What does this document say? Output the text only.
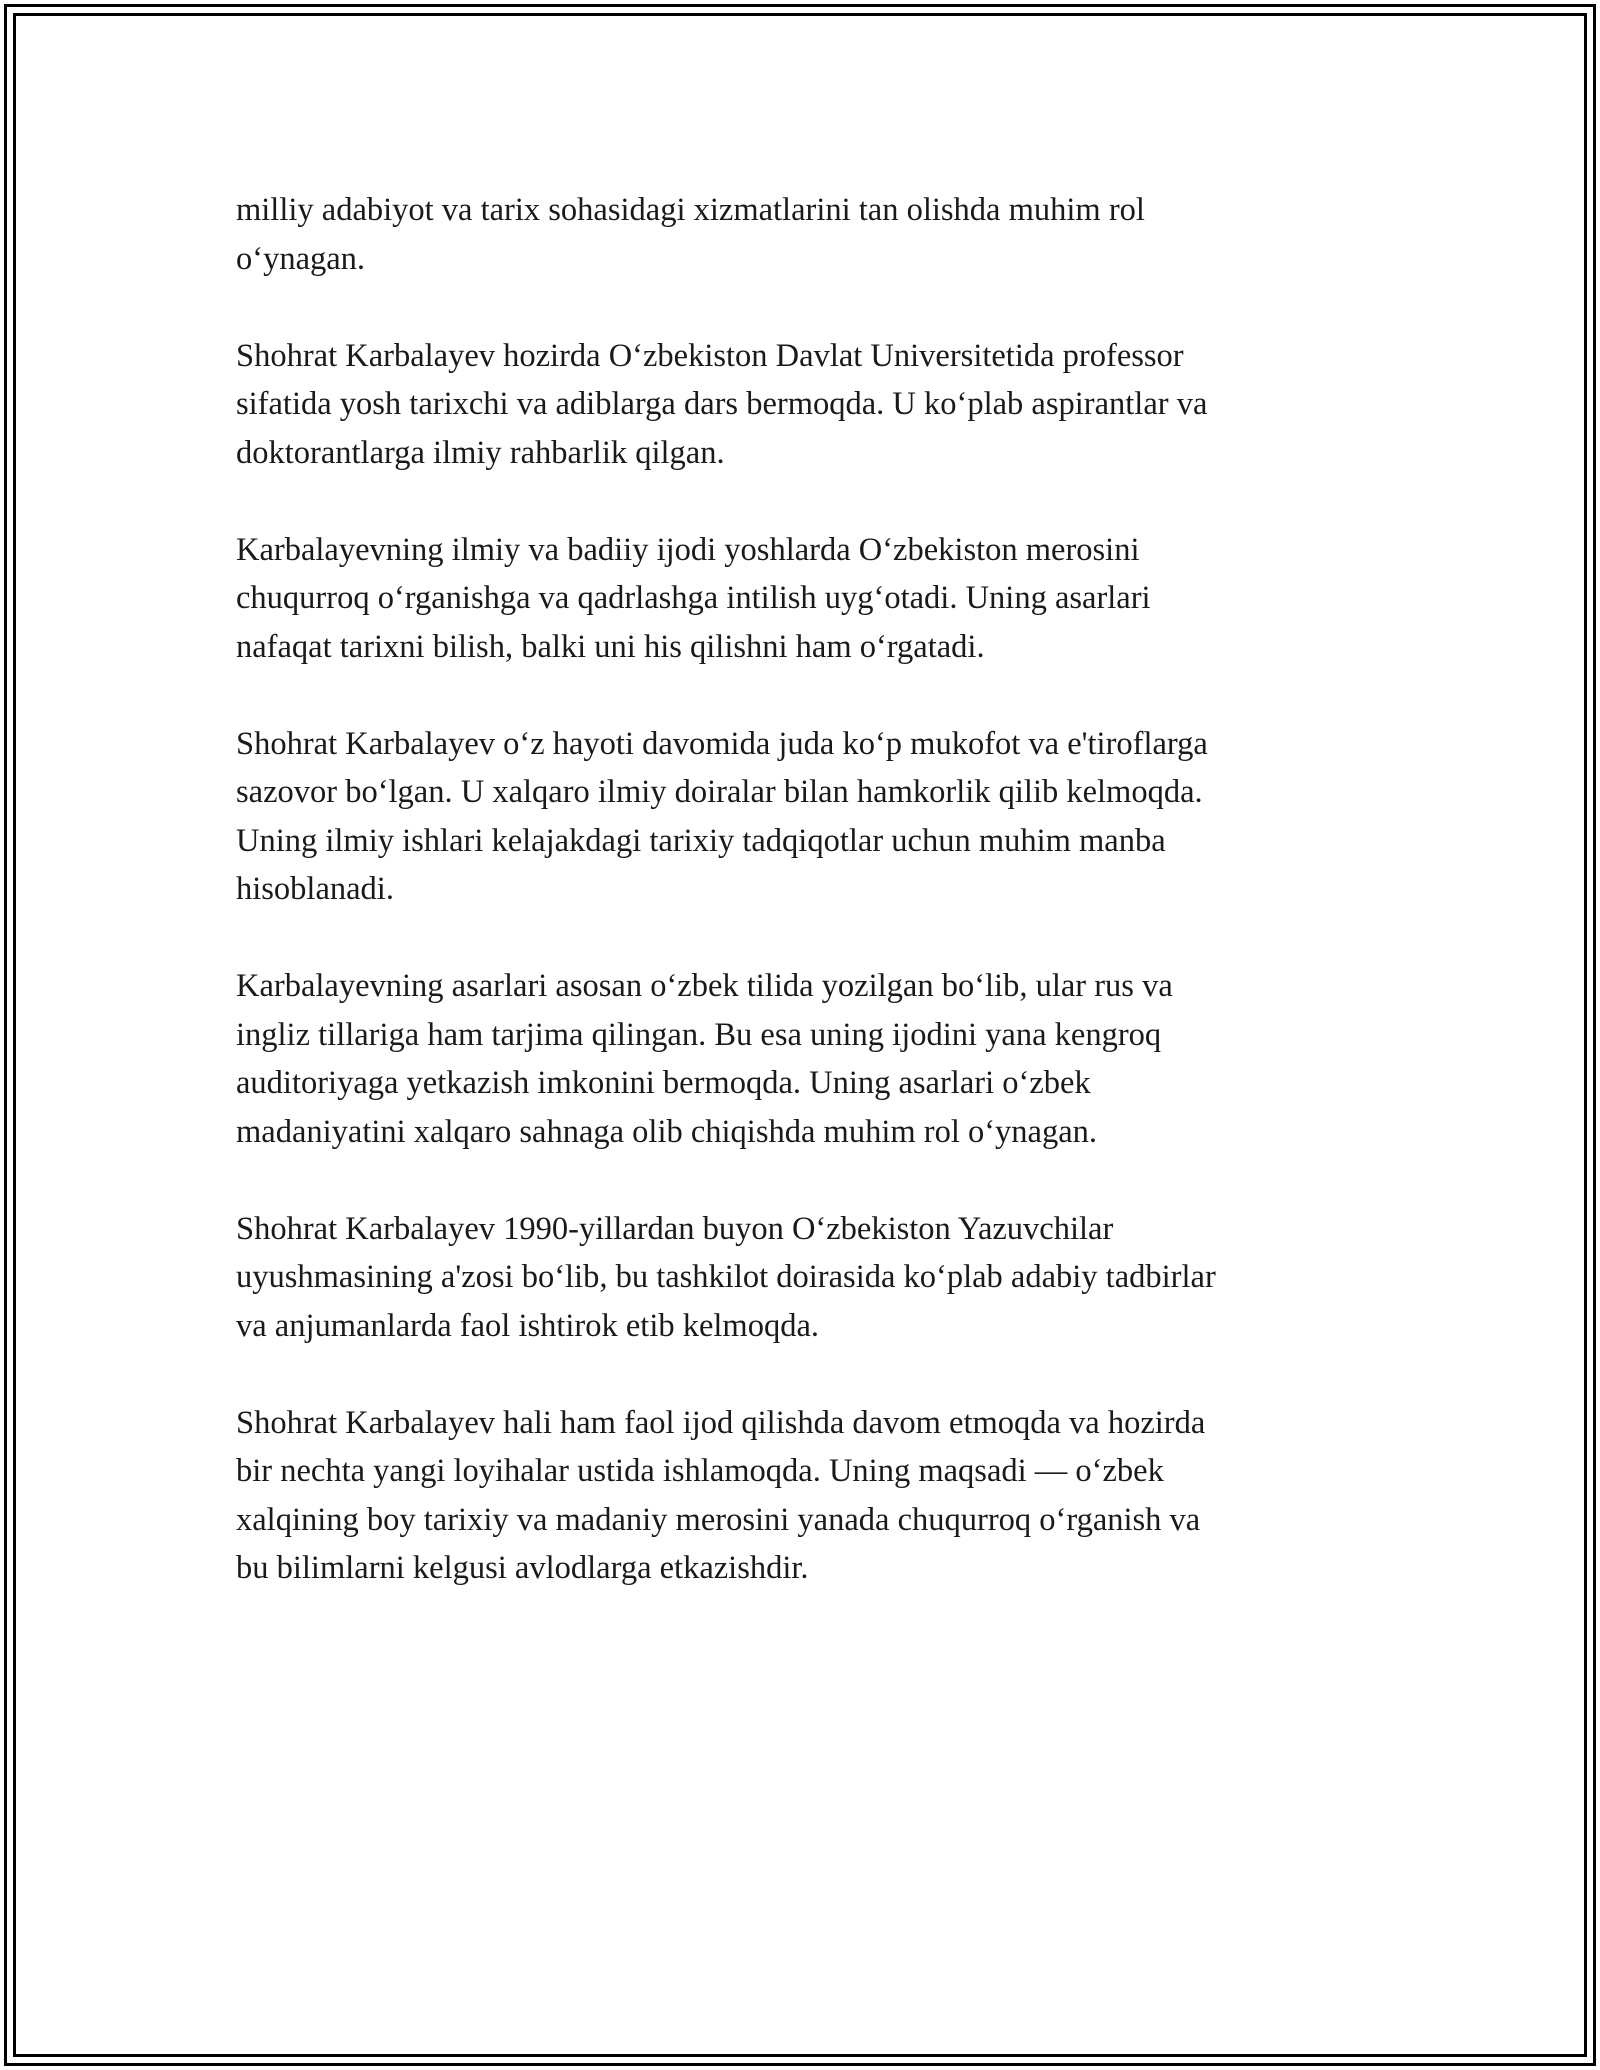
milliy adabiyot va tarix sohasidagi xizmatlarini tan olishda muhim rol
o‘ynagan.

Shohrat Karbalayev hozirda O‘zbekiston Davlat Universitetida professor
sifatida yosh tarixchi va adiblarga dars bermoqda. U ko‘plab aspirantlar va
doktorantlarga ilmiy rahbarlik qilgan.

Karbalayevning ilmiy va badiiy ijodi yoshlarda O‘zbekiston merosini
chuqurroq o‘rganishga va qadrlashga intilish uyg‘otadi. Uning asarlari
nafaqat tarixni bilish, balki uni his qilishni ham o‘rgatadi.

Shohrat Karbalayev o‘z hayoti davomida juda ko‘p mukofot va e'tiroflarga
sazovor bo‘lgan. U xalqaro ilmiy doiralar bilan hamkorlik qilib kelmoqda.
Uning ilmiy ishlari kelajakdagi tarixiy tadqiqotlar uchun muhim manba
hisoblanadi.

Karbalayevning asarlari asosan o‘zbek tilida yozilgan bo‘lib, ular rus va
ingliz tillariga ham tarjima qilingan. Bu esa uning ijodini yana kengroq
auditoriyaga yetkazish imkonini bermoqda. Uning asarlari o‘zbek
madaniyatini xalqaro sahnaga olib chiqishda muhim rol o‘ynagan.

Shohrat Karbalayev 1990-yillardan buyon O‘zbekiston Yazuvchilar
uyushmasining a'zosi bo‘lib, bu tashkilot doirasida ko‘plab adabiy tadbirlar
va anjumanlarda faol ishtirok etib kelmoqda.

Shohrat Karbalayev hali ham faol ijod qilishda davom etmoqda va hozirda
bir nechta yangi loyihalar ustida ishlamoqda. Uning maqsadi — o‘zbek
xalqining boy tarixiy va madaniy merosini yanada chuqurroq o‘rganish va
bu bilimlarni kelgusi avlodlarga etkazishdir.
